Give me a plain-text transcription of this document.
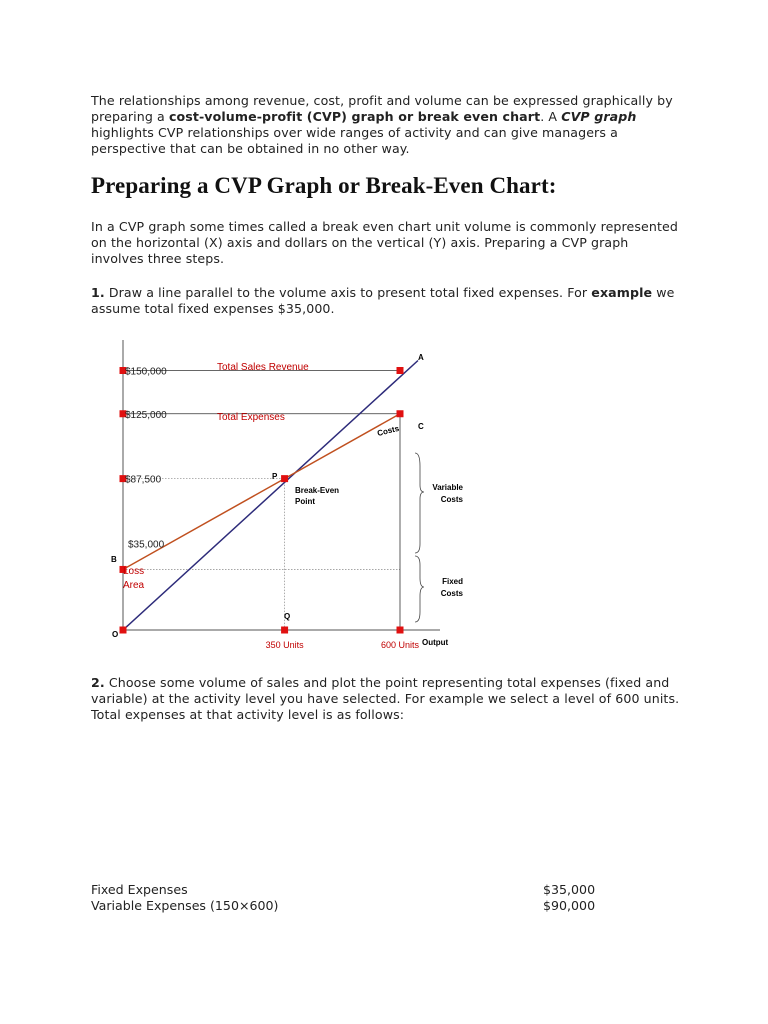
The relationships among revenue, cost, profit and volume can be expressed graphically by preparing a cost-volume-profit (CVP) graph or break even chart. A CVP graph highlights CVP relationships over wide ranges of activity and can give managers a perspective that can be obtained in no other way.

Preparing a CVP Graph or Break-Even Chart:

In a CVP graph some times called a break even chart unit volume is commonly represented on the horizontal (X) axis and dollars on the vertical (Y) axis. Preparing a CVP graph involves three steps.

1. Draw a line parallel to the volume axis to present total fixed expenses. For example we assume total fixed expenses $35,000.

$150,000
$125,000
$87,500
$35,000
350 Units	600 Units
Total Sales Revenue
Total Expenses
A
C
Costs
P
Break-Even
Point
B
Loss
Area
Q
O
Output
Variable
Costs
Fixed
Costs

2. Choose some volume of sales and plot the point representing total expenses (fixed and variable) at the activity level you have selected. For example we select a level of 600 units. Total expenses at that activity level is as follows:

Fixed Expenses	$35,000
Variable Expenses (150×600)	$90,000
